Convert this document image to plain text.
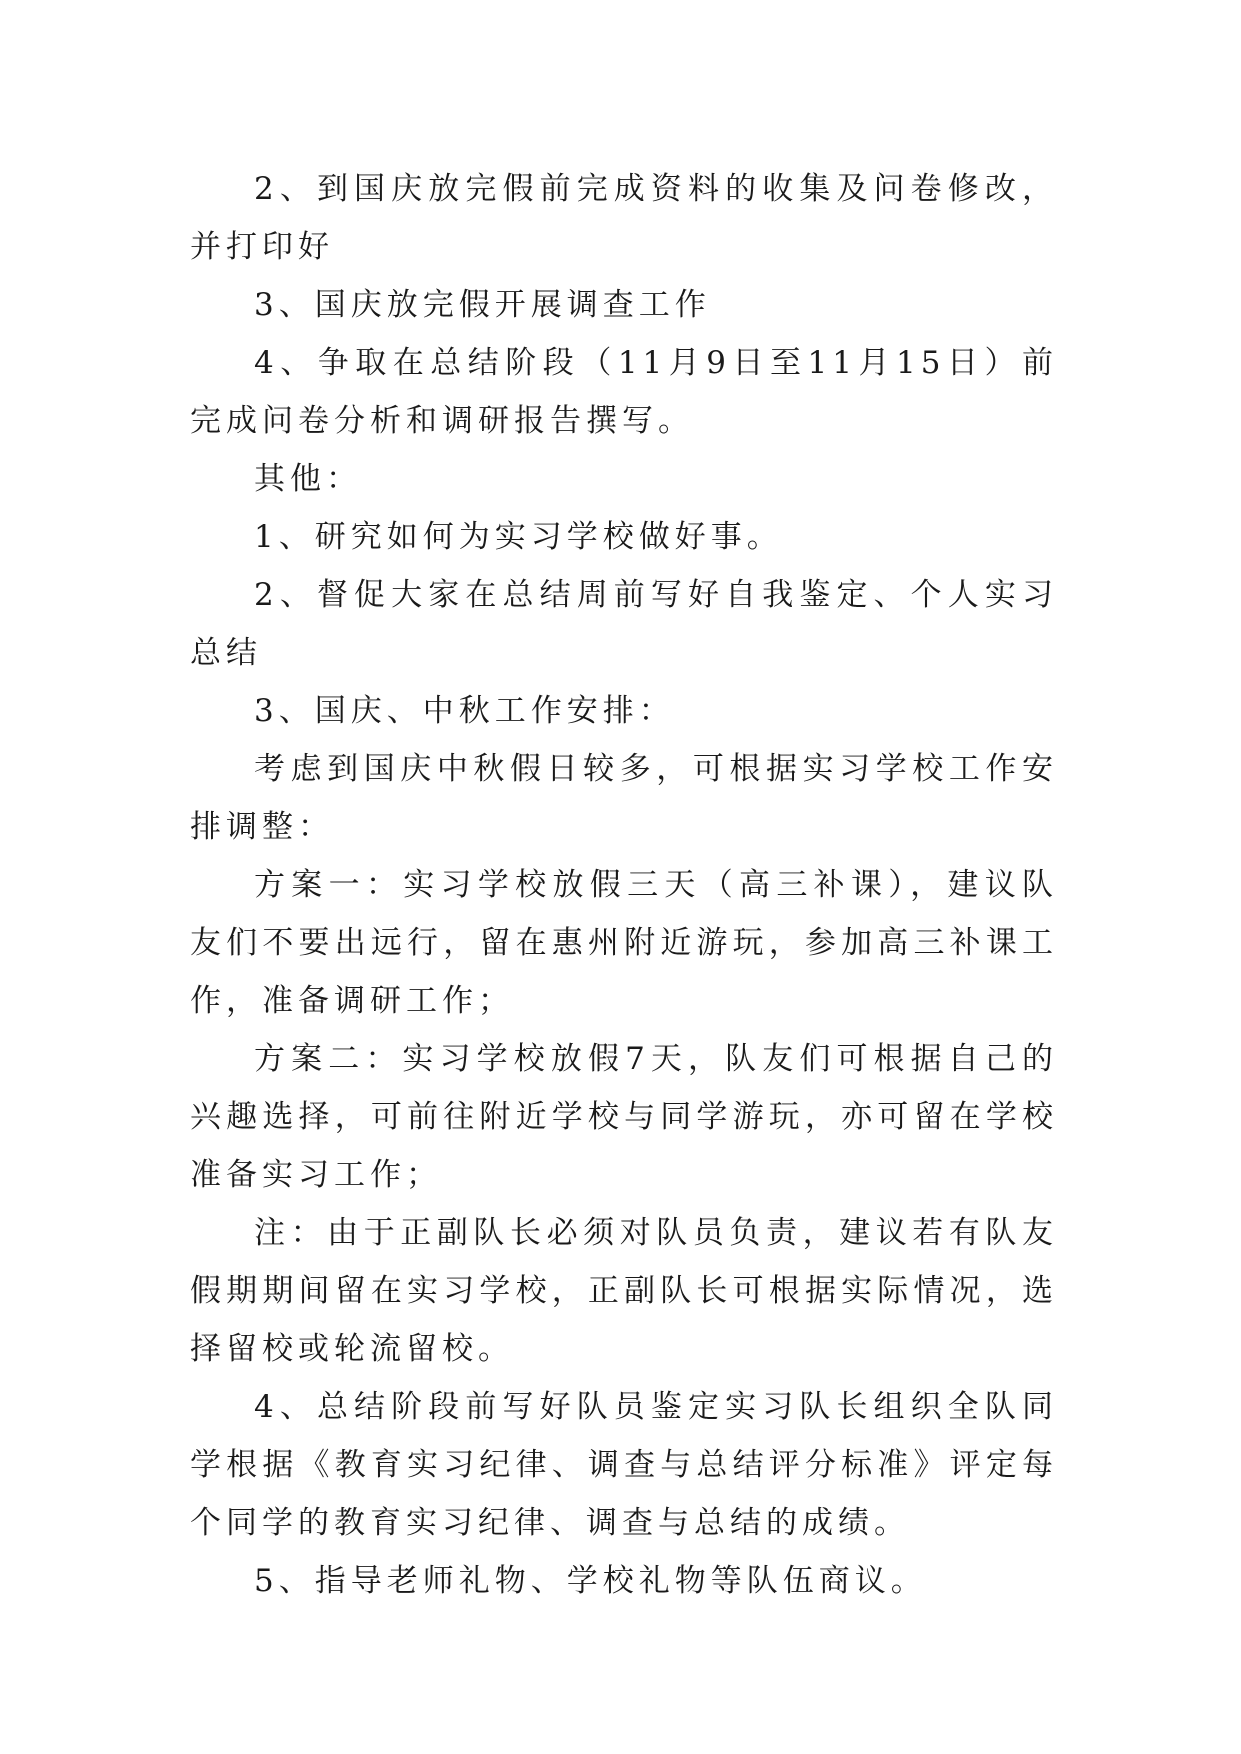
2、到国庆放完假前完成资料的收集及问卷修改，并打印好

3、国庆放完假开展调查工作

4、争取在总结阶段（11月9日至11月15日）前完成问卷分析和调研报告撰写。

其他：

1、研究如何为实习学校做好事。

2、督促大家在总结周前写好自我鉴定、个人实习总结

3、国庆、中秋工作安排：

考虑到国庆中秋假日较多，可根据实习学校工作安排调整：

方案一：实习学校放假三天（高三补课），建议队友们不要出远行，留在惠州附近游玩，参加高三补课工作，准备调研工作；

方案二：实习学校放假7天，队友们可根据自己的兴趣选择，可前往附近学校与同学游玩，亦可留在学校准备实习工作；

注：由于正副队长必须对队员负责，建议若有队友假期期间留在实习学校，正副队长可根据实际情况，选择留校或轮流留校。

4、总结阶段前写好队员鉴定实习队长组织全队同学根据《教育实习纪律、调查与总结评分标准》评定每个同学的教育实习纪律、调查与总结的成绩。

5、指导老师礼物、学校礼物等队伍商议。
